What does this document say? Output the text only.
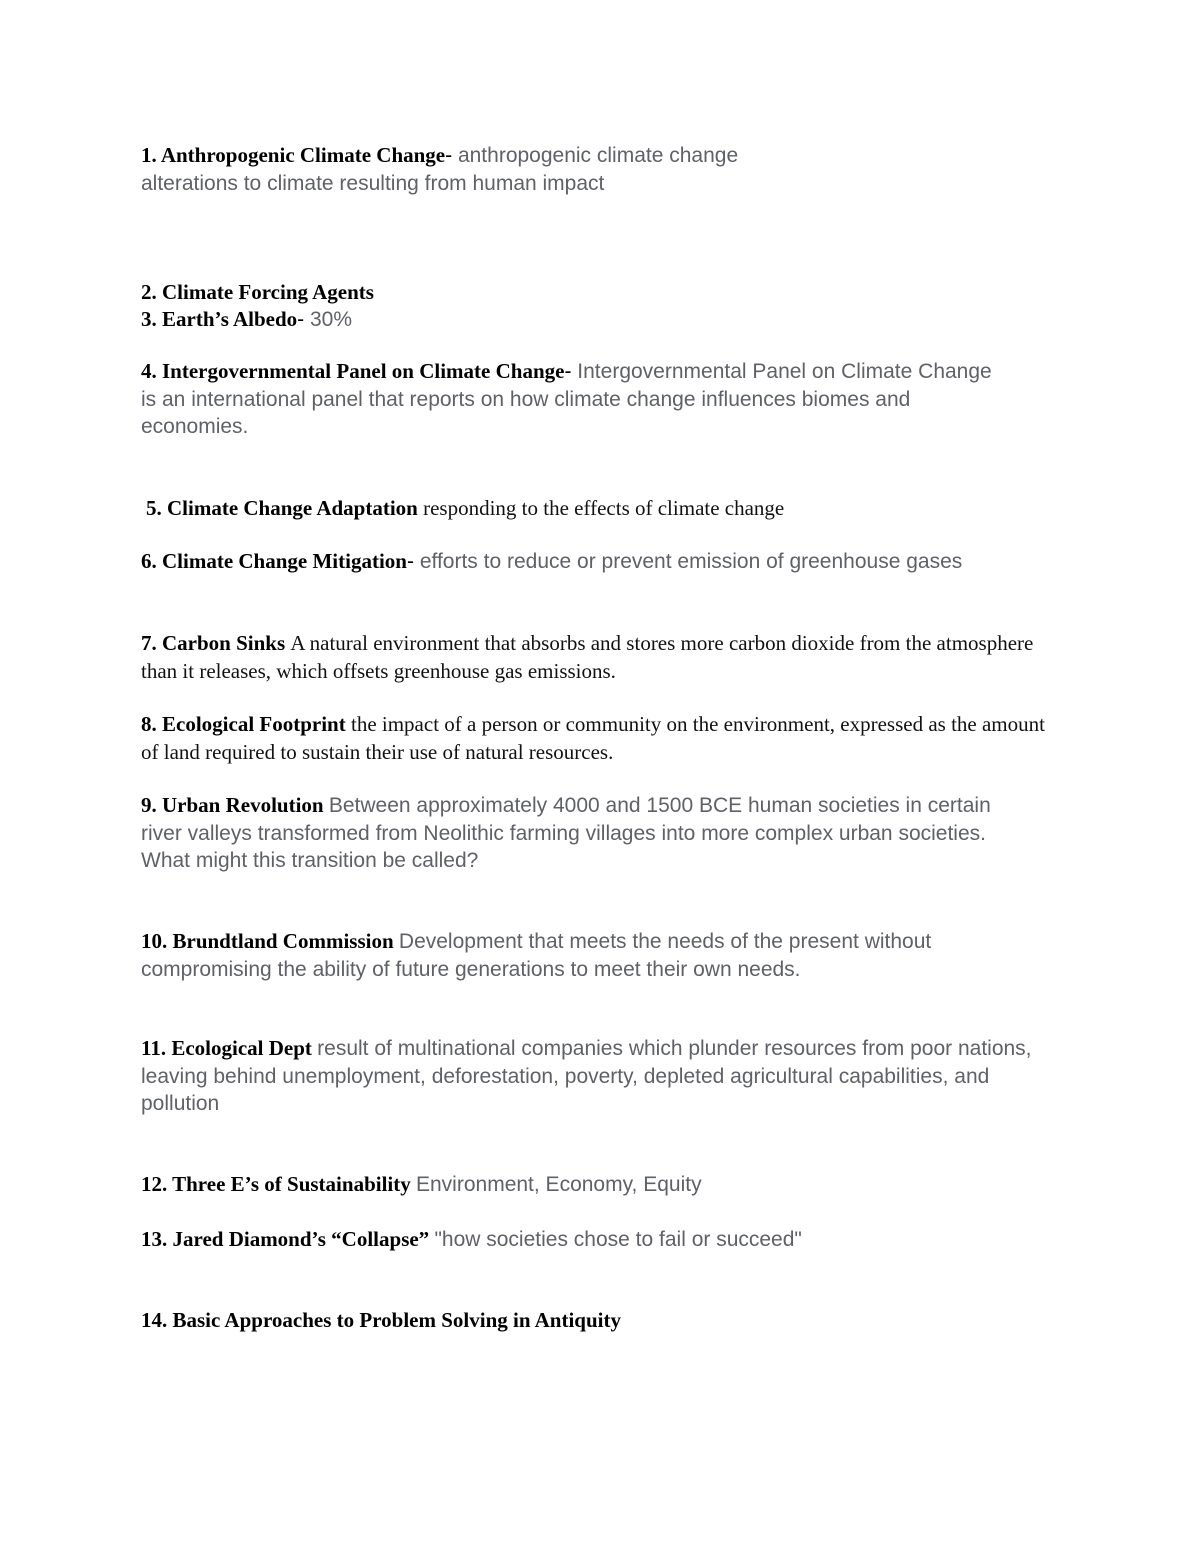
1. Anthropogenic Climate Change- anthropogenic climate change
alterations to climate resulting from human impact

2. Climate Forcing Agents

3. Earth’s Albedo- 30%

4. Intergovernmental Panel on Climate Change- Intergovernmental Panel on Climate Change
is an international panel that reports on how climate change influences biomes and economies.

5. Climate Change Adaptation responding to the effects of climate change

6. Climate Change Mitigation- efforts to reduce or prevent emission of greenhouse gases

7. Carbon Sinks A natural environment that absorbs and stores more carbon dioxide from the atmosphere than it releases, which offsets greenhouse gas emissions.

8. Ecological Footprint the impact of a person or community on the environment, expressed as the amount of land required to sustain their use of natural resources.

9. Urban Revolution Between approximately 4000 and 1500 BCE human societies in certain river valleys transformed from Neolithic farming villages into more complex urban societies. What might this transition be called?

10. Brundtland Commission Development that meets the needs of the present without compromising the ability of future generations to meet their own needs.

11. Ecological Dept result of multinational companies which plunder resources from poor nations, leaving behind unemployment, deforestation, poverty, depleted agricultural capabilities, and pollution

12. Three E’s of Sustainability Environment, Economy, Equity

13. Jared Diamond’s “Collapse” "how societies chose to fail or succeed"

14. Basic Approaches to Problem Solving in Antiquity
